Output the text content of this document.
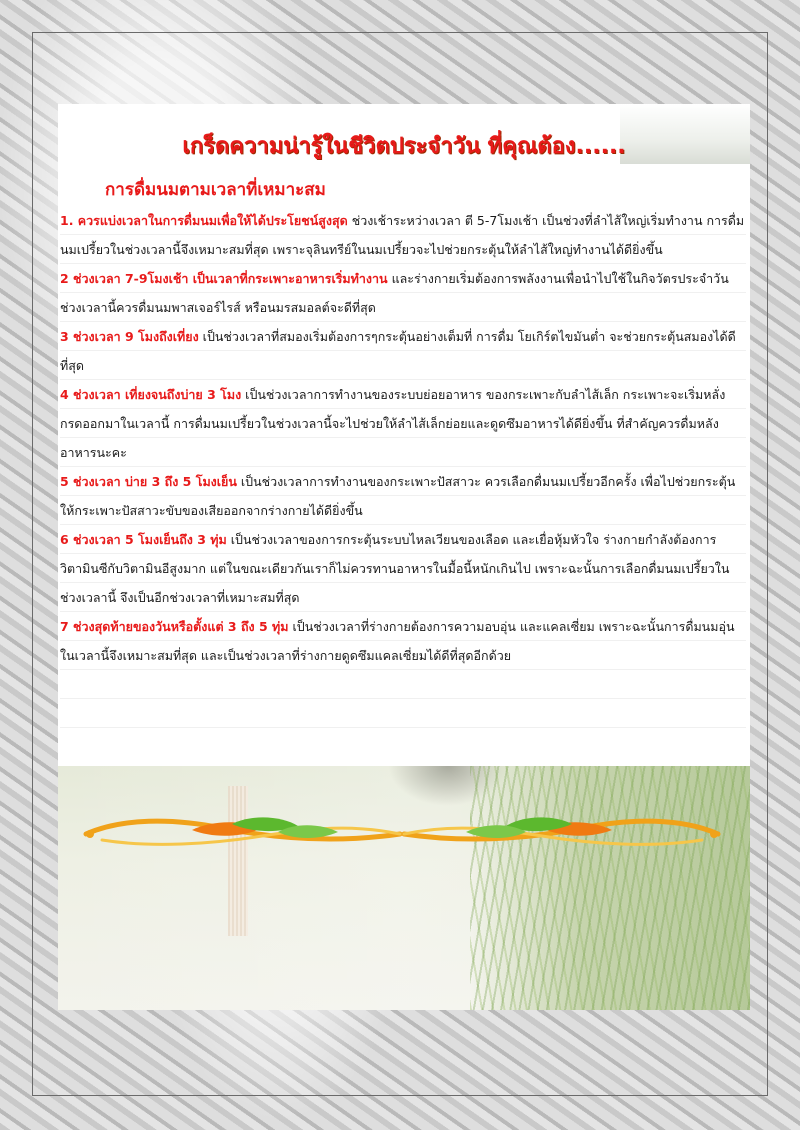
เกร็ดความน่ารู้ในชีวิตประจำวัน ที่คุณต้อง......
การดื่มนมตามเวลาที่เหมาะสม

1. ควรแบ่งเวลาในการดื่มนมเพื่อให้ได้ประโยชน์สูงสุด ช่วงเช้าระหว่างเวลา ตี 5-7โมงเช้า เป็นช่วงที่ลำไส้ใหญ่เริ่มทำงาน การดื่มนมเปรี้ยวในช่วงเวลานี้จึงเหมาะสมที่สุด เพราะจุลินทรีย์ในนมเปรี้ยวจะไปช่วยกระตุ้นให้ลำไส้ใหญ่ทำงานได้ดียิ่งขึ้น

2 ช่วงเวลา 7-9โมงเช้า เป็นเวลาที่กระเพาะอาหารเริ่มทำงาน และร่างกายเริ่มต้องการพลังงานเพื่อนำไปใช้ในกิจวัตรประจำวัน ช่วงเวลานี้ควรดื่มนมพาสเจอร์ไรส์ หรือนมรสมอลต์จะดีที่สุด

3 ช่วงเวลา 9 โมงถึงเที่ยง เป็นช่วงเวลาที่สมองเริ่มต้องการๆกระตุ้นอย่างเต็มที่ การดื่ม โยเกิร์ตไขมันต่ำ จะช่วยกระตุ้นสมองได้ดีที่สุด

4 ช่วงเวลา เที่ยงจนถึงบ่าย 3 โมง เป็นช่วงเวลาการทำงานของระบบย่อยอาหาร ของกระเพาะกับลำไส้เล็ก กระเพาะจะเริ่มหลั่งกรดออกมาในเวลานี้ การดื่มนมเปรี้ยวในช่วงเวลานี้จะไปช่วยให้ลำไส้เล็กย่อยและดูดซึมอาหารได้ดียิ่งขึ้น ที่สำคัญควรดื่มหลังอาหารนะคะ

5 ช่วงเวลา บ่าย 3 ถึง 5 โมงเย็น เป็นช่วงเวลาการทำงานของกระเพาะปัสสาวะ ควรเลือกดื่มนมเปรี้ยวอีกครั้ง เพื่อไปช่วยกระตุ้นให้กระเพาะปัสสาวะขับของเสียออกจากร่างกายได้ดียิ่งขึ้น

6 ช่วงเวลา 5 โมงเย็นถึง 3 ทุ่ม เป็นช่วงเวลาของการกระตุ้นระบบไหลเวียนของเลือด และเยื่อหุ้มหัวใจ ร่างกายกำลังต้องการ วิตามินซีกับวิตามินอีสูงมาก แต่ในขณะเดียวกันเราก็ไม่ควรทานอาหารในมื้อนี้หนักเกินไป เพราะฉะนั้นการเลือกดื่มนมเปรี้ยวในช่วงเวลานี้ จึงเป็นอีกช่วงเวลาที่เหมาะสมที่สุด

7 ช่วงสุดท้ายของวันหรือตั้งแต่ 3 ถึง 5 ทุ่ม เป็นช่วงเวลาที่ร่างกายต้องการความอบอุ่น และแคลเซี่ยม เพราะฉะนั้นการดื่มนมอุ่นในเวลานี้จึงเหมาะสมที่สุด และเป็นช่วงเวลาที่ร่างกายดูดซึมแคลเซี่ยมได้ดีที่สุดอีกด้วย
